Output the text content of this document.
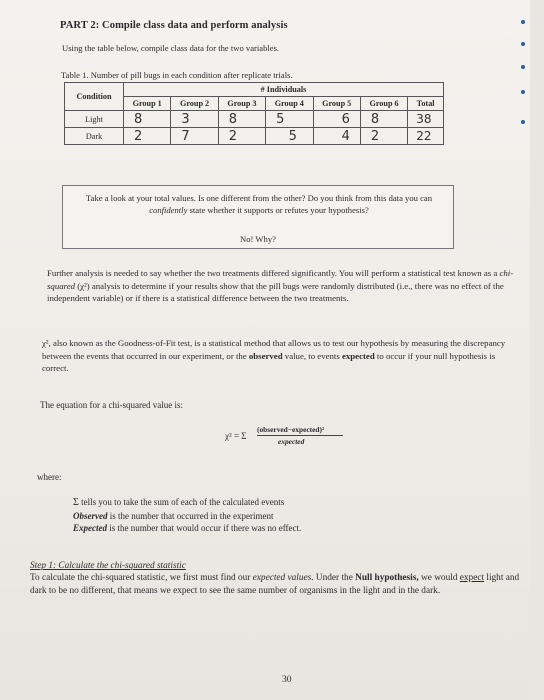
PART 2: Compile class data and perform analysis
Using the table below, compile class data for the two variables.
Table 1. Number of pill bugs in each condition after replicate trials.
Condition	# Individuals						
	Group 1	Group 2	Group 3	Group 4	Group 5	Group 6	Total
Light	8	3	8	5	6	8	38
Dark	2	7	2	5	4	2	22
Take a look at your total values. Is one different from the other? Do you think from this data you can confidently state whether it supports or refutes your hypothesis?
No! Why?
Further analysis is needed to say whether the two treatments differed significantly. You will perform a statistical test known as a chi-squared (χ²) analysis to determine if your results show that the pill bugs were randomly distributed (i.e., there was no effect of the independent variable) or if there is a statistical difference between the two treatments.
χ², also known as the Goodness-of-Fit test, is a statistical method that allows us to test our hypothesis by measuring the discrepancy between the events that occurred in our experiment, or the observed value, to events expected to occur if your null hypothesis is correct.
The equation for a chi-squared value is:
χ² = Σ
(observed−expected)²
expected
where:
Σ tells you to take the sum of each of the calculated events
Observed is the number that occurred in the experiment
Expected is the number that would occur if there was no effect.
Step 1: Calculate the chi-squared statistic
To calculate the chi-squared statistic, we first must find our expected values. Under the Null hypothesis, we would expect light and dark to be no different, that means we expect to see the same number of organisms in the light and in the dark.
30
